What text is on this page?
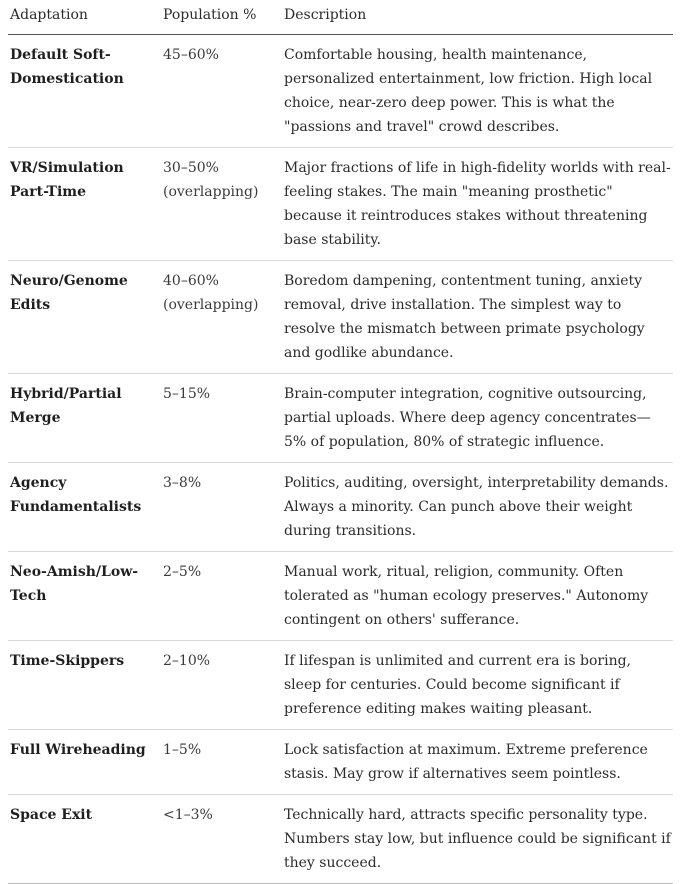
Adaptation	Population %	Description
Default Soft-Domestication	45–60%	Comfortable housing, health maintenance, personalized entertainment, low friction. High local choice, near-zero deep power. This is what the "passions and travel" crowd describes.
VR/Simulation Part-Time	30–50% (overlapping)	Major fractions of life in high-fidelity worlds with real-feeling stakes. The main "meaning prosthetic" because it reintroduces stakes without threatening base stability.
Neuro/Genome Edits	40–60% (overlapping)	Boredom dampening, contentment tuning, anxiety removal, drive installation. The simplest way to resolve the mismatch between primate psychology and godlike abundance.
Hybrid/Partial Merge	5–15%	Brain-computer integration, cognitive outsourcing, partial uploads. Where deep agency concentrates—5% of population, 80% of strategic influence.
Agency Fundamentalists	3–8%	Politics, auditing, oversight, interpretability demands. Always a minority. Can punch above their weight during transitions.
Neo-Amish/Low-Tech	2–5%	Manual work, ritual, religion, community. Often tolerated as "human ecology preserves." Autonomy contingent on others' sufferance.
Time-Skippers	2–10%	If lifespan is unlimited and current era is boring, sleep for centuries. Could become significant if preference editing makes waiting pleasant.
Full Wireheading	1–5%	Lock satisfaction at maximum. Extreme preference stasis. May grow if alternatives seem pointless.
Space Exit	<1–3%	Technically hard, attracts specific personality type. Numbers stay low, but influence could be significant if they succeed.
